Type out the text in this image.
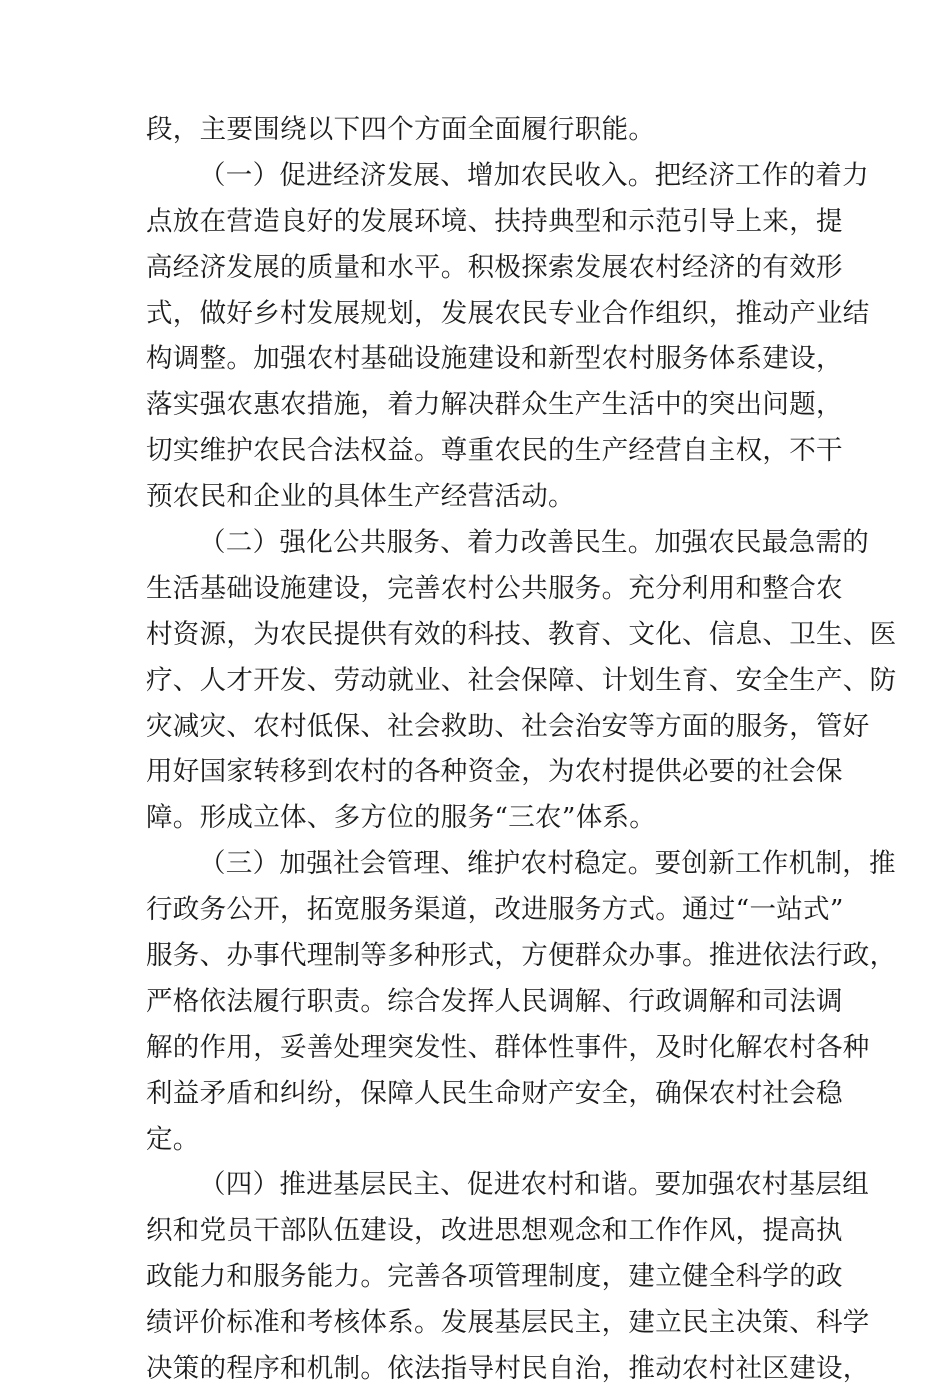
段，主要围绕以下四个方面全面履行职能。
（一）促进经济发展、增加农民收入。把经济工作的着力
点放在营造良好的发展环境、扶持典型和示范引导上来，提
高经济发展的质量和水平。积极探索发展农村经济的有效形
式，做好乡村发展规划，发展农民专业合作组织，推动产业结
构调整。加强农村基础设施建设和新型农村服务体系建设，
落实强农惠农措施，着力解决群众生产生活中的突出问题，
切实维护农民合法权益。尊重农民的生产经营自主权，不干
预农民和企业的具体生产经营活动。
（二）强化公共服务、着力改善民生。加强农民最急需的
生活基础设施建设，完善农村公共服务。充分利用和整合农
村资源，为农民提供有效的科技、教育、文化、信息、卫生、医
疗、人才开发、劳动就业、社会保障、计划生育、安全生产、防
灾减灾、农村低保、社会救助、社会治安等方面的服务，管好
用好国家转移到农村的各种资金，为农村提供必要的社会保
障。形成立体、多方位的服务“三农”体系。
（三）加强社会管理、维护农村稳定。要创新工作机制，推
行政务公开，拓宽服务渠道，改进服务方式。通过“一站式”
服务、办事代理制等多种形式，方便群众办事。推进依法行政，
严格依法履行职责。综合发挥人民调解、行政调解和司法调
解的作用，妥善处理突发性、群体性事件，及时化解农村各种
利益矛盾和纠纷，保障人民生命财产安全，确保农村社会稳
定。
（四）推进基层民主、促进农村和谐。要加强农村基层组
织和党员干部队伍建设，改进思想观念和工作作风，提高执
政能力和服务能力。完善各项管理制度，建立健全科学的政
绩评价标准和考核体系。发展基层民主，建立民主决策、科学
决策的程序和机制。依法指导村民自治，推动农村社区建设，
